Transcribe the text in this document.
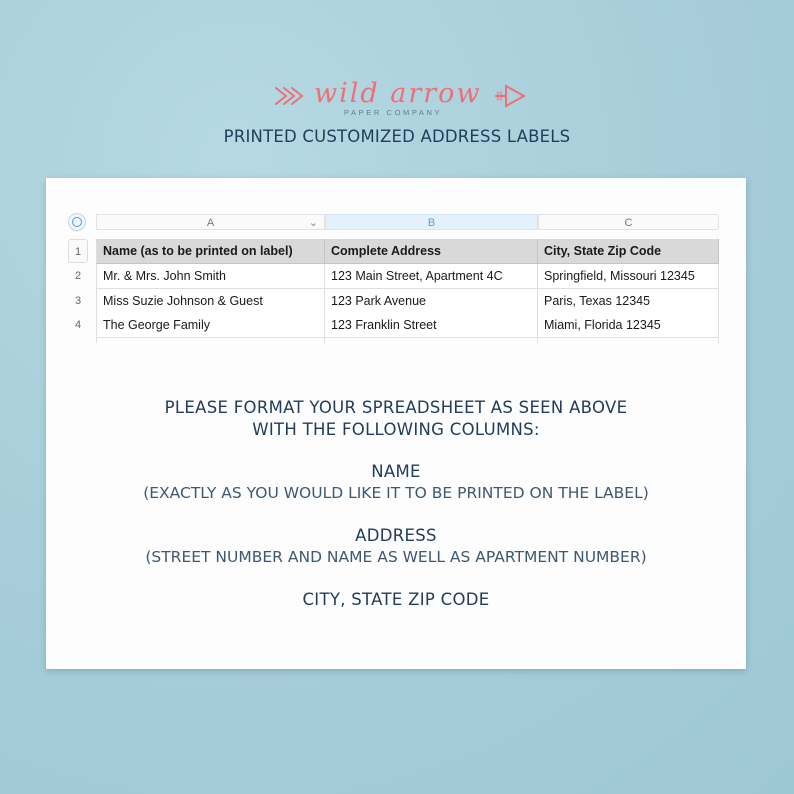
wild arrow
PAPER COMPANY
PRINTED CUSTOMIZED ADDRESS LABELS
A	⌄	B	C
1
2
3
4
Name (as to be printed on label)	Complete Address	City, State Zip Code
Mr. & Mrs. John Smith	123 Main Street, Apartment 4C	Springfield, Missouri 12345
Miss Suzie Johnson & Guest	123 Park Avenue	Paris, Texas 12345
The George Family	123 Franklin Street	Miami, Florida 12345
PLEASE FORMAT YOUR SPREADSHEET AS SEEN ABOVE
WITH THE FOLLOWING COLUMNS:
NAME
(EXACTLY AS YOU WOULD LIKE IT TO BE PRINTED ON THE LABEL)
ADDRESS
(STREET NUMBER AND NAME AS WELL AS APARTMENT NUMBER)
CITY, STATE ZIP CODE
